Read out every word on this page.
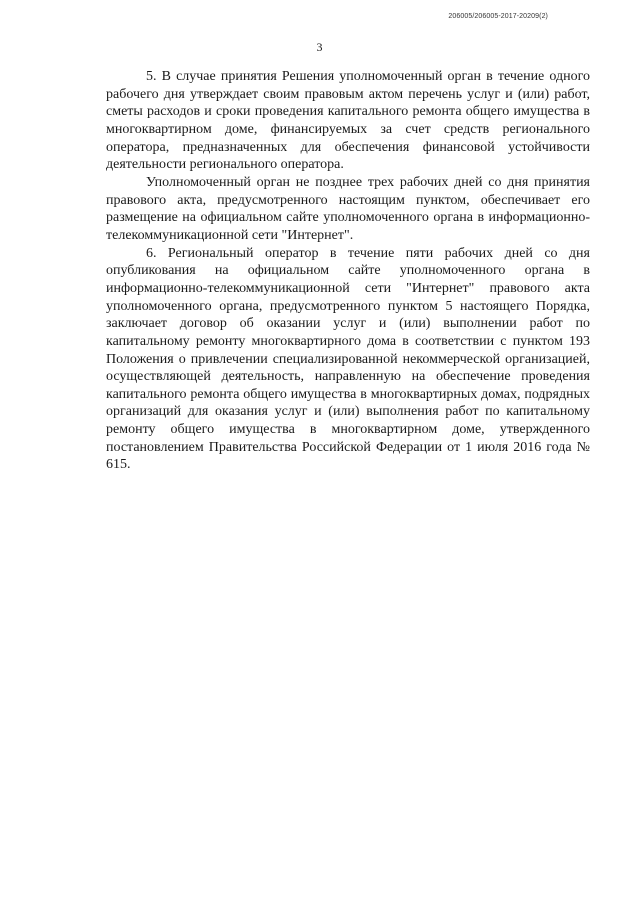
206005/206005-2017-20209(2)
3

5. В случае принятия Решения уполномоченный орган в течение одного рабочего дня утверждает своим правовым актом перечень услуг и (или) работ, сметы расходов и сроки проведения капитального ремонта общего имущества в многоквартирном доме, финансируемых за счет средств регионального оператора, предназначенных для обеспечения финансовой устойчивости деятельности регионального оператора.

Уполномоченный орган не позднее трех рабочих дней со дня принятия правового акта, предусмотренного настоящим пунктом, обеспечивает его размещение на официальном сайте уполномоченного органа в информационно-телекоммуникационной сети "Интернет".

6. Региональный оператор в течение пяти рабочих дней со дня опубликования на официальном сайте уполномоченного органа в информационно-телекоммуникационной сети "Интернет" правового акта уполномоченного органа, предусмотренного пунктом 5 настоящего Порядка, заключает договор об оказании услуг и (или) выполнении работ по капитальному ремонту многоквартирного дома в соответствии с пунктом 193 Положения о привлечении специализированной некоммерческой организацией, осуществляющей деятельность, направленную на обеспечение проведения капитального ремонта общего имущества в многоквартирных домах, подрядных организаций для оказания услуг и (или) выполнения работ по капитальному ремонту общего имущества в многоквартирном доме, утвержденного постановлением Правительства Российской Федерации от 1 июля 2016 года № 615.
